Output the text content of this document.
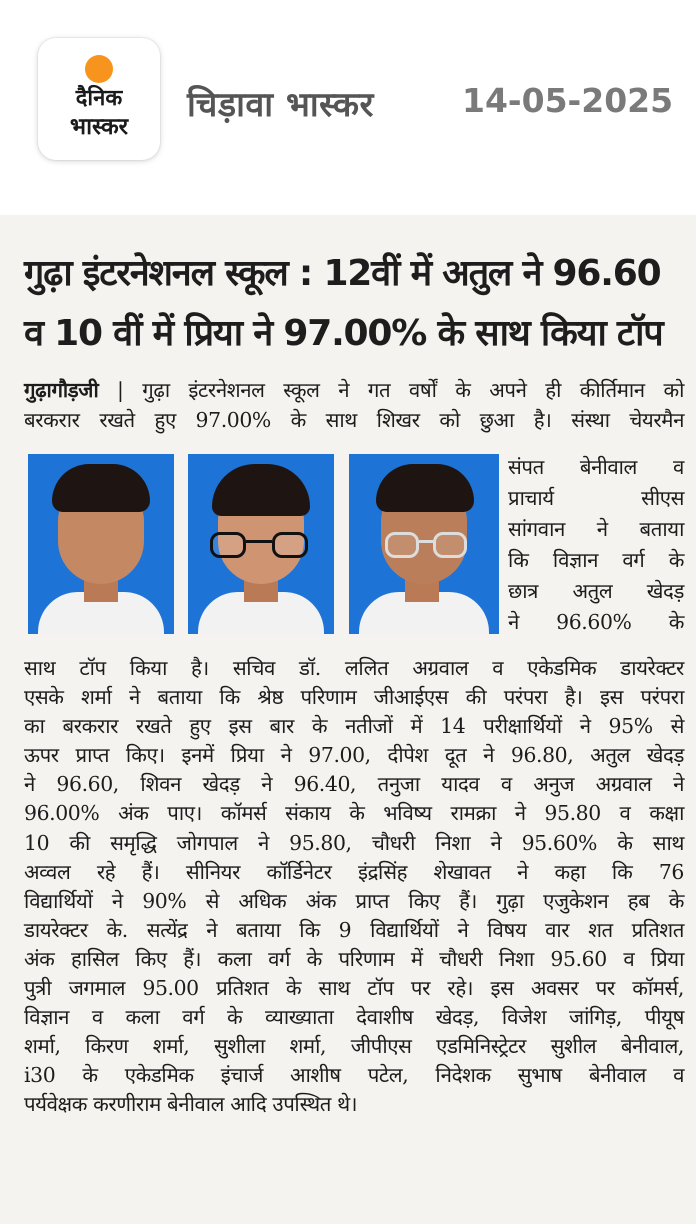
दैनिक
भास्कर
चिड़ावा भास्कर	14-05-2025
गुढ़ा इंटरनेशनल स्कूल : 12वीं में अतुल ने 96.60
व 10 वीं में प्रिया ने 97.00% के साथ किया टॉप
गुढ़ागौड़जी | गुढ़ा इंटरनेशनल स्कूल ने गत वर्षों के अपने ही कीर्तिमान को
बरकरार रखते हुए 97.00% के साथ शिखर को छुआ है। संस्था चेयरमैन
संपत बेनीवाल व
प्राचार्य सीएस
सांगवान ने बताया
कि विज्ञान वर्ग के
छात्र अतुल खेदड़
ने 96.60% के
साथ टॉप किया है। सचिव डॉ. ललित अग्रवाल व एकेडमिक डायरेक्टर
एसके शर्मा ने बताया कि श्रेष्ठ परिणाम जीआईएस की परंपरा है। इस परंपरा
का बरकरार रखते हुए इस बार के नतीजों में 14 परीक्षार्थियों ने 95% से
ऊपर प्राप्त किए। इनमें प्रिया ने 97.00, दीपेश दूत ने 96.80, अतुल खेदड़
ने 96.60, शिवन खेदड़ ने 96.40, तनुजा यादव व अनुज अग्रवाल ने
96.00% अंक पाए। कॉमर्स संकाय के भविष्य रामक्रा ने 95.80 व कक्षा
10 की समृद्धि जोगपाल ने 95.80, चौधरी निशा ने 95.60% के साथ
अव्वल रहे हैं। सीनियर कॉर्डिनेटर इंद्रसिंह शेखावत ने कहा कि 76
विद्यार्थियों ने 90% से अधिक अंक प्राप्त किए हैं। गुढ़ा एजुकेशन हब के
डायरेक्टर के. सत्येंद्र ने बताया कि 9 विद्यार्थियों ने विषय वार शत प्रतिशत
अंक हासिल किए हैं। कला वर्ग के परिणाम में चौधरी निशा 95.60 व प्रिया
पुत्री जगमाल 95.00 प्रतिशत के साथ टॉप पर रहे। इस अवसर पर कॉमर्स,
विज्ञान व कला वर्ग के व्याख्याता देवाशीष खेदड़, विजेश जांगिड़, पीयूष
शर्मा, किरण शर्मा, सुशीला शर्मा, जीपीएस एडमिनिस्ट्रेटर सुशील बेनीवाल,
i30 के एकेडमिक इंचार्ज आशीष पटेल, निदेशक सुभाष बेनीवाल व
पर्यवेक्षक करणीराम बेनीवाल आदि उपस्थित थे।
